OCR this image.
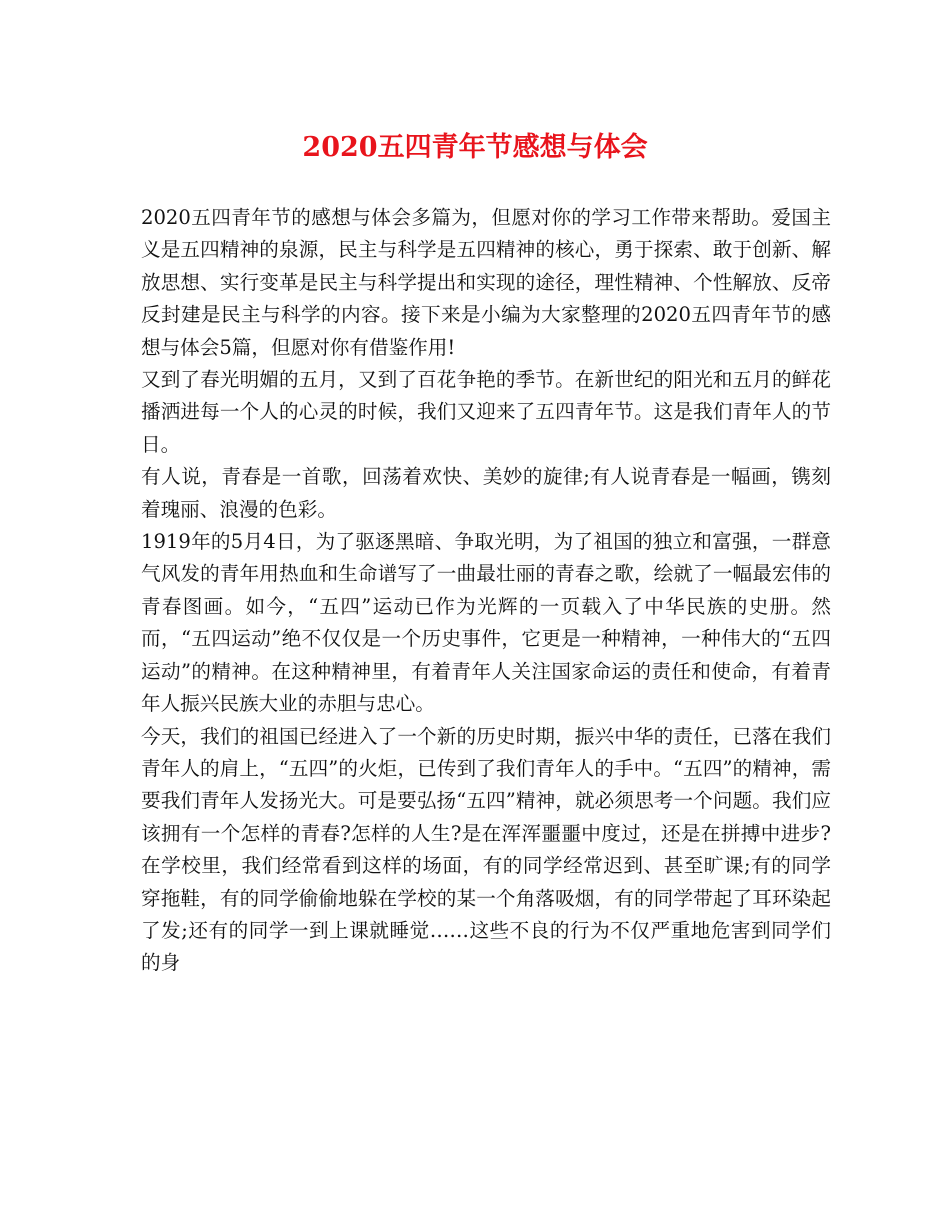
2020五四青年节感想与体会

2020五四青年节的感想与体会多篇为，但愿对你的学习工作带来帮助。爱国主义是五四精神的泉源，民主与科学是五四精神的核心，勇于探索、敢于创新、解放思想、实行变革是民主与科学提出和实现的途径，理性精神、个性解放、反帝反封建是民主与科学的内容。接下来是小编为大家整理的2020五四青年节的感想与体会5篇，但愿对你有借鉴作用!

又到了春光明媚的五月，又到了百花争艳的季节。在新世纪的阳光和五月的鲜花播洒进每一个人的心灵的时候，我们又迎来了五四青年节。这是我们青年人的节日。

有人说，青春是一首歌，回荡着欢快、美妙的旋律;有人说青春是一幅画，镌刻着瑰丽、浪漫的色彩。

1919年的5月4日，为了驱逐黑暗、争取光明，为了祖国的独立和富强，一群意气风发的青年用热血和生命谱写了一曲最壮丽的青春之歌，绘就了一幅最宏伟的青春图画。如今，“五四”运动已作为光辉的一页载入了中华民族的史册。然而，“五四运动”绝不仅仅是一个历史事件，它更是一种精神，一种伟大的“五四运动”的精神。在这种精神里，有着青年人关注国家命运的责任和使命，有着青年人振兴民族大业的赤胆与忠心。

今天，我们的祖国已经进入了一个新的历史时期，振兴中华的责任，已落在我们青年人的肩上，“五四”的火炬，已传到了我们青年人的手中。“五四”的精神，需要我们青年人发扬光大。可是要弘扬“五四”精神，就必须思考一个问题。我们应该拥有一个怎样的青春?怎样的人生?是在浑浑噩噩中度过，还是在拼搏中进步?在学校里，我们经常看到这样的场面，有的同学经常迟到、甚至旷课;有的同学穿拖鞋，有的同学偷偷地躲在学校的某一个角落吸烟，有的同学带起了耳环染起了发;还有的同学一到上课就睡觉……这些不良的行为不仅严重地危害到同学们的身
